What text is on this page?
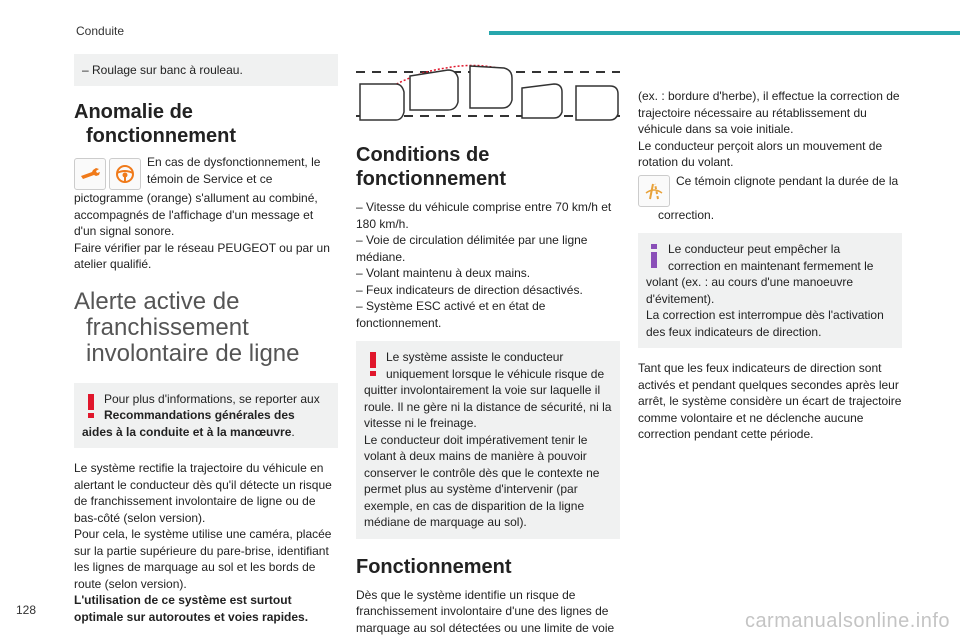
Conduite
– Roulage sur banc à rouleau.
Anomalie de
fonctionnement

En cas de dysfonctionnement, le

témoin de Service et ce

pictogramme (orange) s'allument au combiné, accompagnés de l'affichage d'un message et d'un signal sonore.

Faire vérifier par le réseau PEUGEOT ou par un atelier qualifié.

Alerte active de
franchissement
involontaire de ligne
Pour plus d'informations, se reporter aux
Recommandations générales des
aides à la conduite et à la manœuvre.

Le système rectifie la trajectoire du véhicule en alertant le conducteur dès qu'il détecte un risque de franchissement involontaire de ligne ou de bas-côté (selon version).

Pour cela, le système utilise une caméra, placée sur la partie supérieure du pare-brise, identifiant les lignes de marquage au sol et les bords de route (selon version).

L'utilisation de ce système est surtout optimale sur autoroutes et voies rapides.

Conditions de
fonctionnement

– Vitesse du véhicule comprise entre 70 km/h et 180 km/h.

– Voie de circulation délimitée par une ligne médiane.

– Volant maintenu à deux mains.

– Feux indicateurs de direction désactivés.

– Système ESC activé et en état de fonctionnement.

Le système assiste le conducteur
uniquement lorsque le véhicule risque de quitter involontairement la voie sur laquelle il roule. Il ne gère ni la distance de sécurité, ni la vitesse ni le freinage.
Le conducteur doit impérativement tenir le volant à deux mains de manière à pouvoir conserver le contrôle dès que le contexte ne permet plus au système d'intervenir (par exemple, en cas de disparition de la ligne médiane de marquage au sol).
Fonctionnement

Dès que le système identifie un risque de franchissement involontaire d'une des lignes de marquage au sol détectées ou une limite de voie

(ex. : bordure d'herbe), il effectue la correction de trajectoire nécessaire au rétablissement du véhicule dans sa voie initiale.

Le conducteur perçoit alors un mouvement de rotation du volant.

Ce témoin clignote pendant la durée de la

correction.

Le conducteur peut empêcher la
correction en maintenant fermement le volant (ex. : au cours d'une manoeuvre d'évitement).
La correction est interrompue dès l'activation des feux indicateurs de direction.

Tant que les feux indicateurs de direction sont activés et pendant quelques secondes après leur arrêt, le système considère un écart de trajectoire comme volontaire et ne déclenche aucune correction pendant cette période.

128	carmanualsonline.info
